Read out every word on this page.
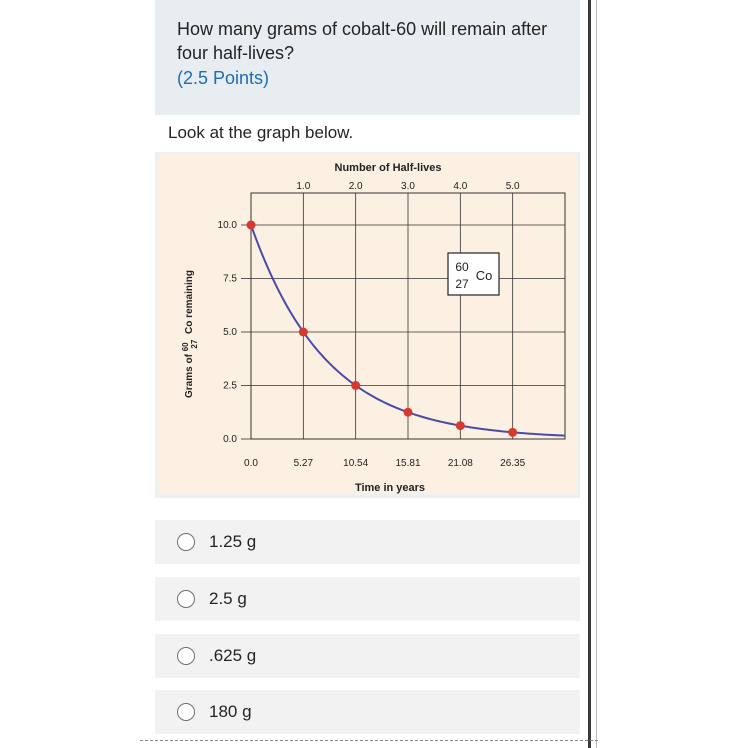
How many grams of cobalt-60 will remain after four half-lives?
(2.5 Points)
Look at the graph below.
Number of Half-lives
Time in years
Grams of $^{60}$ 27 Co remaining
0.0	5.27	10.54	15.81	21.08	26.35
1.0	2.0	3.0	4.0	5.0
0.0
2.5
5.0
7.5
10.0
60
27
Co
1.25 g
2.5 g
.625 g
180 g
